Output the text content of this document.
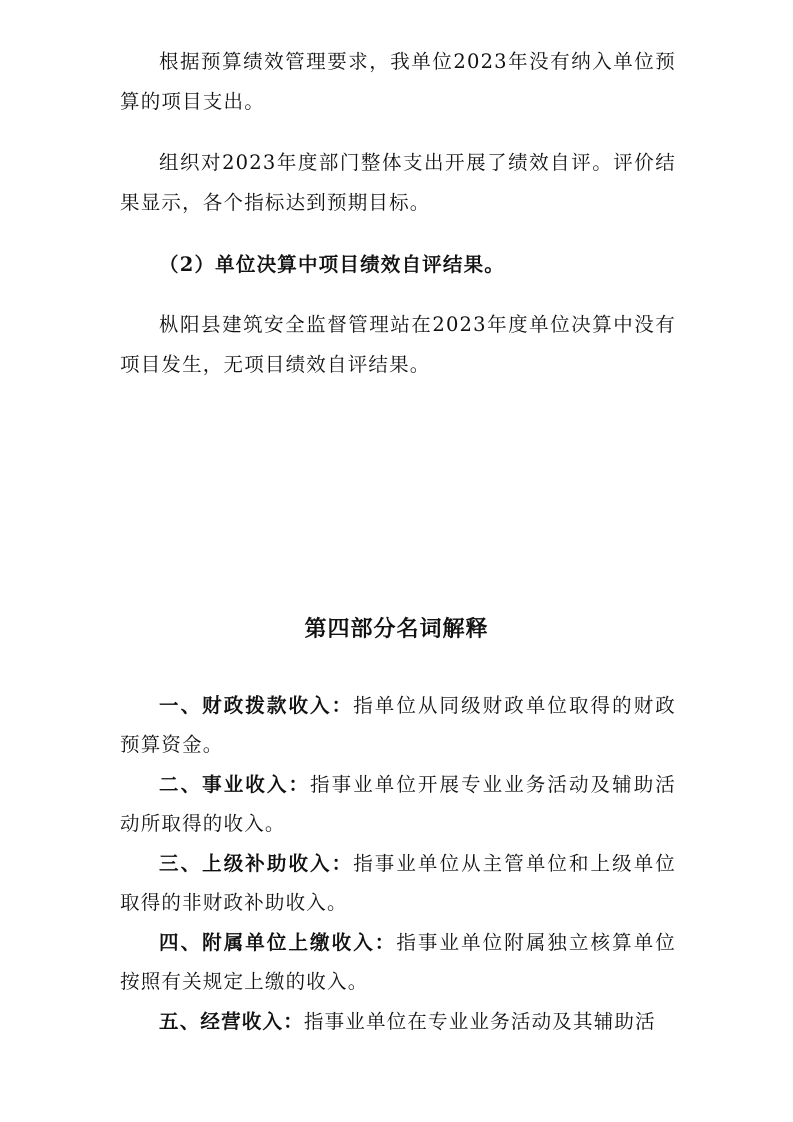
根据预算绩效管理要求，我单位2023年没有纳入单位预算的项目支出。

组织对2023年度部门整体支出开展了绩效自评。评价结果显示，各个指标达到预期目标。

（2）单位决算中项目绩效自评结果。

枞阳县建筑安全监督管理站在2023年度单位决算中没有项目发生，无项目绩效自评结果。

第四部分名词解释

一、财政拨款收入：指单位从同级财政单位取得的财政预算资金。

二、事业收入：指事业单位开展专业业务活动及辅助活动所取得的收入。

三、上级补助收入：指事业单位从主管单位和上级单位取得的非财政补助收入。

四、附属单位上缴收入：指事业单位附属独立核算单位按照有关规定上缴的收入。

五、经营收入：指事业单位在专业业务活动及其辅助活
